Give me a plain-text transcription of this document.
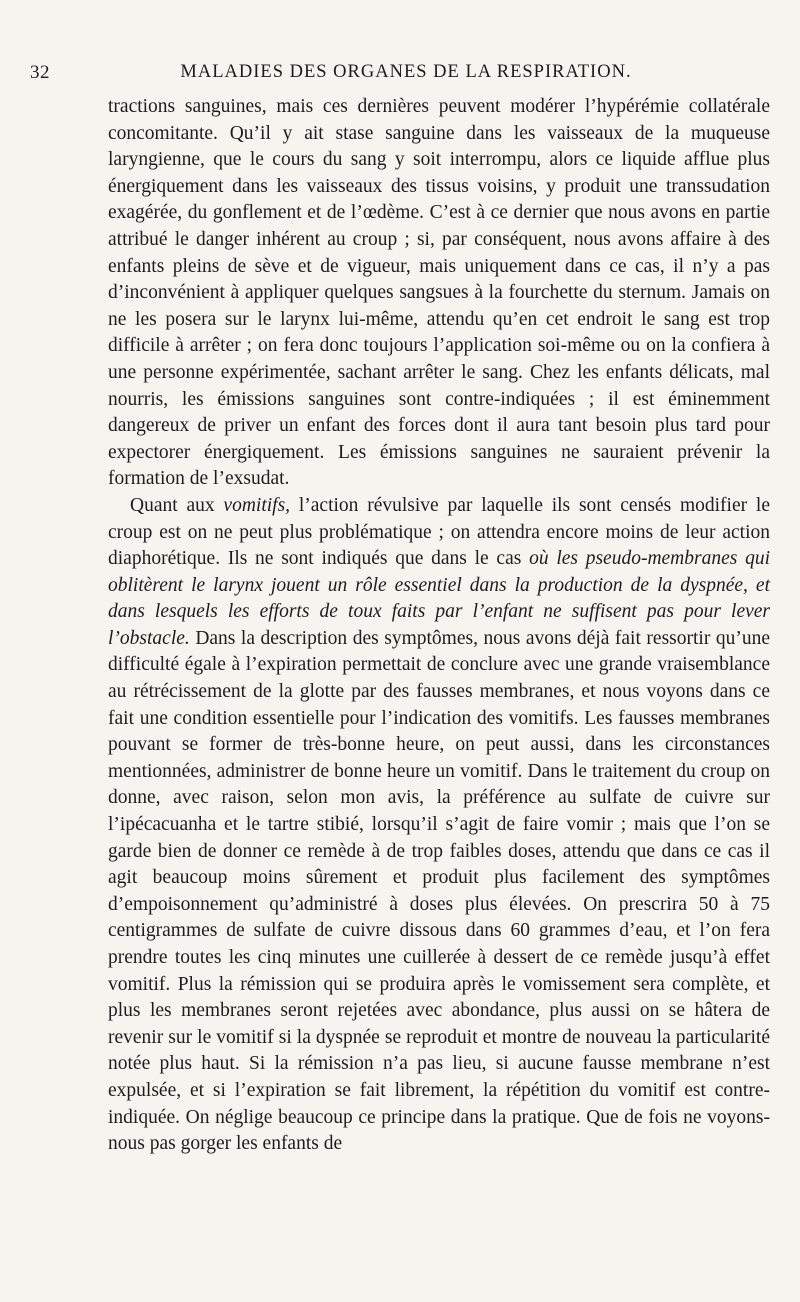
32	MALADIES DES ORGANES DE LA RESPIRATION.

tractions sanguines, mais ces dernières peuvent modérer l’hypérémie collatérale concomitante. Qu’il y ait stase sanguine dans les vaisseaux de la muqueuse laryngienne, que le cours du sang y soit interrompu, alors ce liquide afflue plus énergiquement dans les vaisseaux des tissus voisins, y produit une transsudation exagérée, du gonflement et de l’œdème. C’est à ce dernier que nous avons en partie attribué le danger inhérent au croup ; si, par conséquent, nous avons affaire à des enfants pleins de sève et de vigueur, mais uniquement dans ce cas, il n’y a pas d’inconvénient à appliquer quelques sangsues à la fourchette du sternum. Jamais on ne les posera sur le larynx lui-même, attendu qu’en cet endroit le sang est trop difficile à arrêter ; on fera donc toujours l’application soi-même ou on la confiera à une personne expérimentée, sachant arrêter le sang. Chez les enfants délicats, mal nourris, les émissions sanguines sont contre-indiquées ; il est éminemment dangereux de priver un enfant des forces dont il aura tant besoin plus tard pour expectorer énergiquement. Les émissions sanguines ne sauraient prévenir la formation de l’exsudat.

Quant aux vomitifs, l’action révulsive par laquelle ils sont censés modifier le croup est on ne peut plus problématique ; on attendra encore moins de leur action diaphorétique. Ils ne sont indiqués que dans le cas où les pseudo-membranes qui oblitèrent le larynx jouent un rôle essentiel dans la production de la dyspnée, et dans lesquels les efforts de toux faits par l’enfant ne suffisent pas pour lever l’obstacle. Dans la description des symptômes, nous avons déjà fait ressortir qu’une difficulté égale à l’expiration permettait de conclure avec une grande vraisemblance au rétrécissement de la glotte par des fausses membranes, et nous voyons dans ce fait une condition essentielle pour l’indication des vomitifs. Les fausses membranes pouvant se former de très-bonne heure, on peut aussi, dans les circonstances mentionnées, administrer de bonne heure un vomitif. Dans le traitement du croup on donne, avec raison, selon mon avis, la préférence au sulfate de cuivre sur l’ipécacuanha et le tartre stibié, lorsqu’il s’agit de faire vomir ; mais que l’on se garde bien de donner ce remède à de trop faibles doses, attendu que dans ce cas il agit beaucoup moins sûrement et produit plus facilement des symptômes d’empoisonnement qu’administré à doses plus élevées. On prescrira 50 à 75 centigrammes de sulfate de cuivre dissous dans 60 grammes d’eau, et l’on fera prendre toutes les cinq minutes une cuillerée à dessert de ce remède jusqu’à effet vomitif. Plus la rémission qui se produira après le vomissement sera complète, et plus les membranes seront rejetées avec abondance, plus aussi on se hâtera de revenir sur le vomitif si la dyspnée se reproduit et montre de nouveau la particularité notée plus haut. Si la rémission n’a pas lieu, si aucune fausse membrane n’est expulsée, et si l’expiration se fait librement, la répétition du vomitif est contre-indiquée. On néglige beaucoup ce principe dans la pratique. Que de fois ne voyons-nous pas gorger les enfants de
